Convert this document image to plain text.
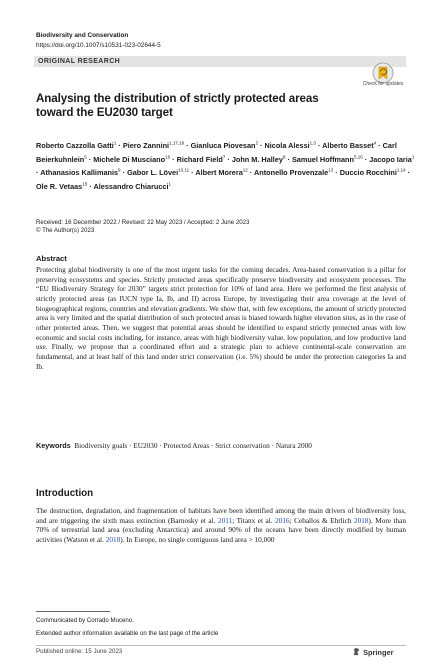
Biodiversity and Conservation
https://doi.org/10.1007/s10531-023-02644-5
ORIGINAL RESEARCH
Check for updates
Analysing the distribution of strictly protected areas toward the EU2030 target
Roberto Cazzolla Gatti$^1$ · Piero Zannini$^{1,17,18}$ · Gianluca Piovesan$^2$ · Nicola Alessi$^{1,3}$ · Alberto Basset$^4$ · Carl Beierkuhnlein$^5$ · Michele Di Musciano$^{16}$ · Richard Field$^7$ · John M. Halley$^8$ · Samuel Hoffmann$^{5,16}$ · Jacopo Iaria$^1$ · Athanasios Kallimanis$^9$ · Gabor L. Lövei$^{10,11}$ · Albert Morera$^{12}$ · Antonello Provenzale$^{13}$ · Duccio Rocchini$^{1,14}$ · Ole R. Vetaas$^{15}$ · Alessandro Chiarucci$^1$
Received: 16 December 2022 / Revised: 22 May 2023 / Accepted: 2 June 2023
© The Author(s) 2023
Abstract
Protecting global biodiversity is one of the most urgent tasks for the coming decades. Area-based conservation is a pillar for preserving ecosystems and species. Strictly protected areas specifically preserve biodiversity and ecosystem processes. The “EU Biodiversity Strategy for 2030” targets strict protection for 10% of land area. Here we performed the first analysis of strictly protected areas (as IUCN type Ia, Ib, and II) across Europe, by investigating their area coverage at the level of biogeographical regions, countries and elevation gradients. We show that, with few exceptions, the amount of strictly protected area is very limited and the spatial distribution of such protected areas is biased towards higher elevation sites, as in the case of other protected areas. Then, we suggest that potential areas should be identified to expand strictly protected areas with low economic and social costs including, for instance, areas with high biodiversity value, low population, and low productive land use. Finally, we propose that a coordinated effort and a strategic plan to achieve continental-scale conservation are fundamental, and at least half of this land under strict conservation (i.e. 5%) should be under the protection categories Ia and Ib.
Keywords Biodiversity goals · EU2030 · Protected Areas · Strict conservation · Natura 2000
Introduction
The destruction, degradation, and fragmentation of habitats have been identified among the main drivers of biodiversity loss, and are triggering the sixth mass extinction (Barnosky et al. 2011; Titanx et al. 2016; Ceballos & Ehrlich 2018). More than 70% of terrestrial land area (excluding Antarctica) and around 90% of the oceans have been directly modified by human activities (Watson et al. 2018). In Europe, no single contiguous land area > 10,000
Communicated by Corrado Muceno.
Extended author information available on the last page of the article
Published online: 15 June 2023	Springer
